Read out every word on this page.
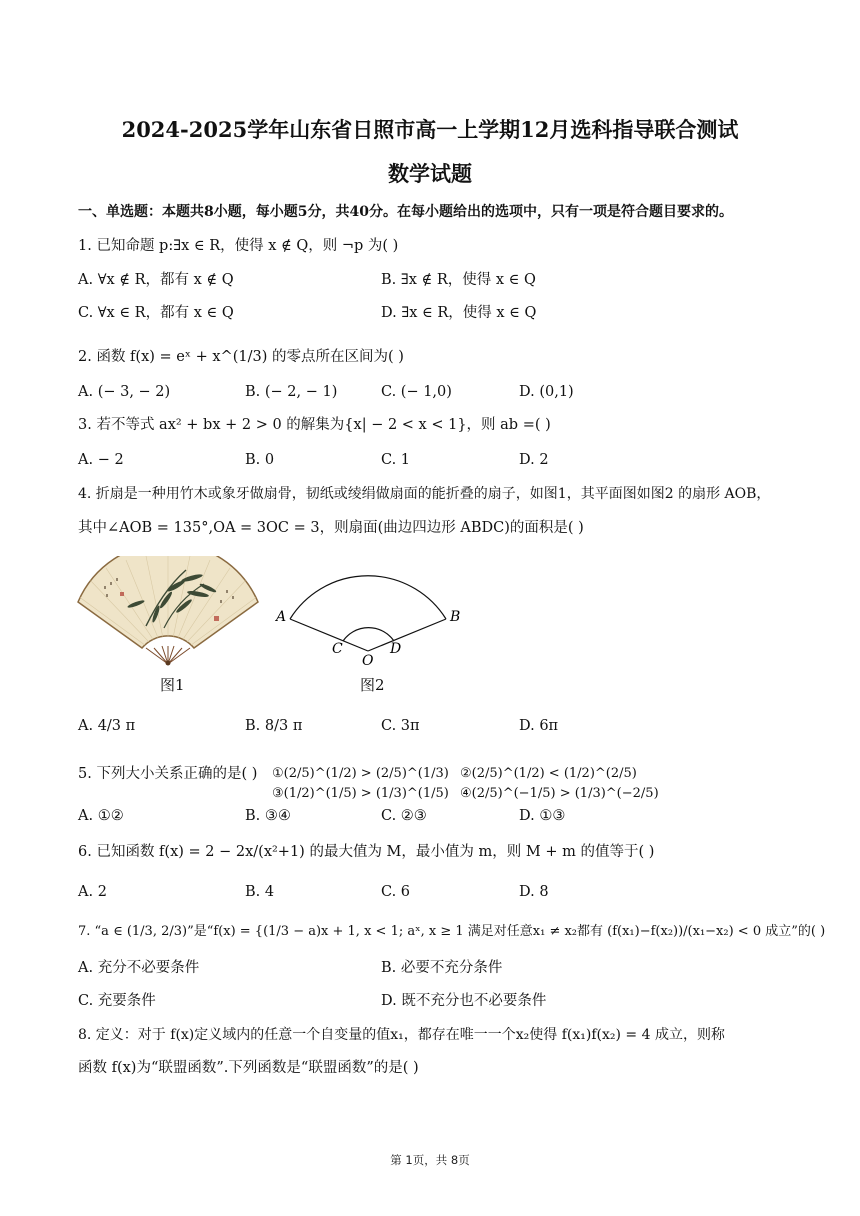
2024-2025学年山东省日照市高一上学期12月选科指导联合测试
数学试题
一、单选题：本题共8小题，每小题5分，共40分。在每小题给出的选项中，只有一项是符合题目要求的。
1. 已知命题 p:∃x ∈ R，使得 x ∉ Q，则 ¬p 为( )
A. ∀x ∉ R，都有 x ∉ Q	B. ∃x ∉ R，使得 x ∈ Q
C. ∀x ∈ R，都有 x ∈ Q	D. ∃x ∈ R，使得 x ∈ Q
2. 函数 f(x) = eˣ + x^(1/3) 的零点所在区间为( )
A. (− 3, − 2)	B. (− 2, − 1)	C. (− 1,0)	D. (0,1)
3. 若不等式 ax² + bx + 2 > 0 的解集为{x| − 2 < x < 1}，则 ab =( )
A. − 2	B. 0	C. 1	D. 2
4. 折扇是一种用竹木或象牙做扇骨，韧纸或绫绢做扇面的能折叠的扇子，如图1，其平面图如图2 的扇形 AOB，
其中∠AOB = 135°,OA = 3OC = 3，则扇面(曲边四边形 ABDC)的面积是( )
图1
A	B
C
O
D
图2
A. 4/3 π	B. 8/3 π	C. 3π	D. 6π
5. 下列大小关系正确的是( ) ①(2/5)^(1/2) > (2/5)^(1/3) ②(2/5)^(1/2) < (1/2)^(2/5)
③(1/2)^(1/5) > (1/3)^(1/5) ④(2/5)^(−1/5) > (1/3)^(−2/5)
A. ①②	B. ③④	C. ②③	D. ①③
6. 已知函数 f(x) = 2 − 2x/(x²+1) 的最大值为 M，最小值为 m，则 M + m 的值等于( )
A. 2	B. 4	C. 6	D. 8
7. “a ∈ (1/3, 2/3)”是“f(x) = {(1/3 − a)x + 1, x < 1; aˣ, x ≥ 1 满足对任意x₁ ≠ x₂都有 (f(x₁)−f(x₂))/(x₁−x₂) < 0 成立”的( )
A. 充分不必要条件	B. 必要不充分条件
C. 充要条件	D. 既不充分也不必要条件
8. 定义：对于 f(x)定义域内的任意一个自变量的值x₁，都存在唯一一个x₂使得 f(x₁)f(x₂) = 4 成立，则称
函数 f(x)为“联盟函数”.下列函数是“联盟函数”的是( )
第 1页，共 8页
